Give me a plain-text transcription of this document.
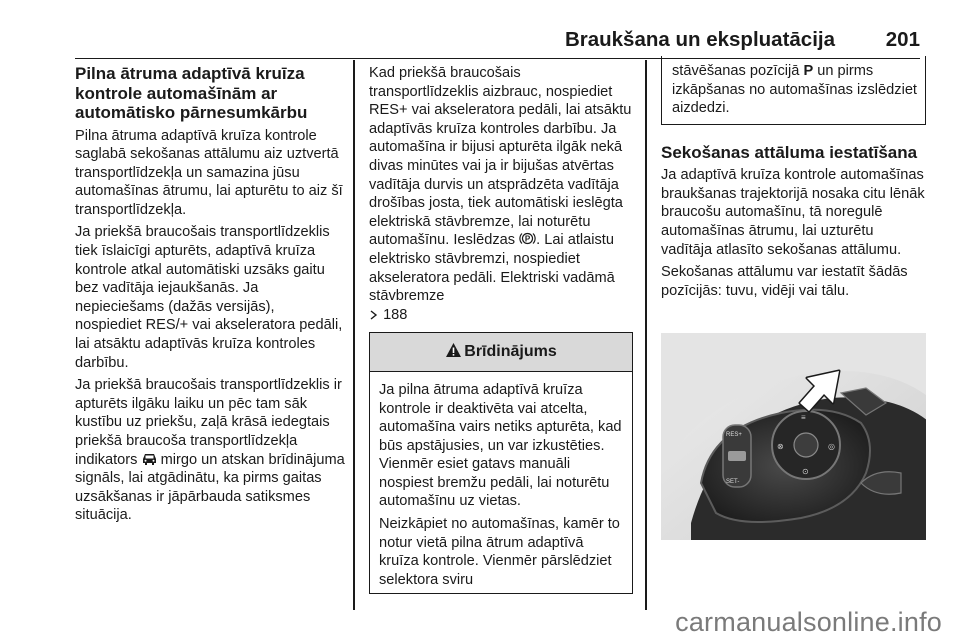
Braukšana un ekspluatācija 201
Pilna ātruma adaptīvā kruīza kontrole automašīnām ar automātisko pārnesumkārbu

Pilna ātruma adaptīvā kruīza kontrole saglabā sekošanas attālumu aiz uztvertā transportlīdzekļa un samazina jūsu automašīnas ātrumu, lai apturētu to aiz šī transportlīdzekļa.

Ja priekšā braucošais transportlīdzeklis tiek īslaicīgi apturēts, adaptīvā kruīza kontrole atkal automātiski uzsāks gaitu bez vadītāja iejaukšanās. Ja nepieciešams (dažās versijās), nospiediet RES/+ vai akseleratora pedāli, lai atsāktu adaptīvās kruīza kontroles darbību.

Ja priekšā braucošais transportlīdzeklis ir apturēts ilgāku laiku un pēc tam sāk kustību uz priekšu, zaļā krāsā iedegtais priekšā braucoša transportlīdzekļa indikators mirgo un atskan brīdinājuma signāls, lai atgādinātu, ka pirms gaitas uzsākšanas ir jāpārbauda satiksmes situācija.

Kad priekšā braucošais transportlīdzeklis aizbrauc, nospiediet RES+ vai akseleratora pedāli, lai atsāktu adaptīvās kruīza kontroles darbību. Ja automašīna ir bijusi apturēta ilgāk nekā divas minūtes vai ja ir bijušas atvērtas vadītāja durvis un atsprādzēta vadītāja drošības josta, tiek automātiski ieslēgta elektriskā stāvbremze, lai noturētu automašīnu. Ieslēdzas P . Lai atlaistu elektrisko stāvbremzi, nospiediet akseleratora pedāli. Elektriski vadāmā stāvbremze
188

Brīdinājums

Ja pilna ātruma adaptīvā kruīza kontrole ir deaktivēta vai atcelta, automašīna vairs netiks apturēta, kad būs apstājusies, un var izkustēties. Vienmēr esiet gatavs manuāli nospiest bremžu pedāli, lai noturētu automašīnu uz vietas.

Neizkāpiet no automašīnas, kamēr to notur vietā pilna ātrum adaptīvā kruīza kontrole. Vienmēr pārslēdziet selektora sviru

stāvēšanas pozīcijā P un pirms izkāpšanas no automašīnas izslēdziet aizdedzi.
Sekošanas attāluma iestatīšana

Ja adaptīvā kruīza kontrole automašīnas braukšanas trajektorijā nosaka citu lēnāk braucošu automašīnu, tā noregulē automašīnas ātrumu, lai uzturētu vadītāja atlasīto sekošanas attālumu.

Sekošanas attālumu var iestatīt šādās pozīcijās: tuvu, vidēji vai tālu.

RES+
SET-
≡
⊗	◎
⊙
carmanualsonline.info
